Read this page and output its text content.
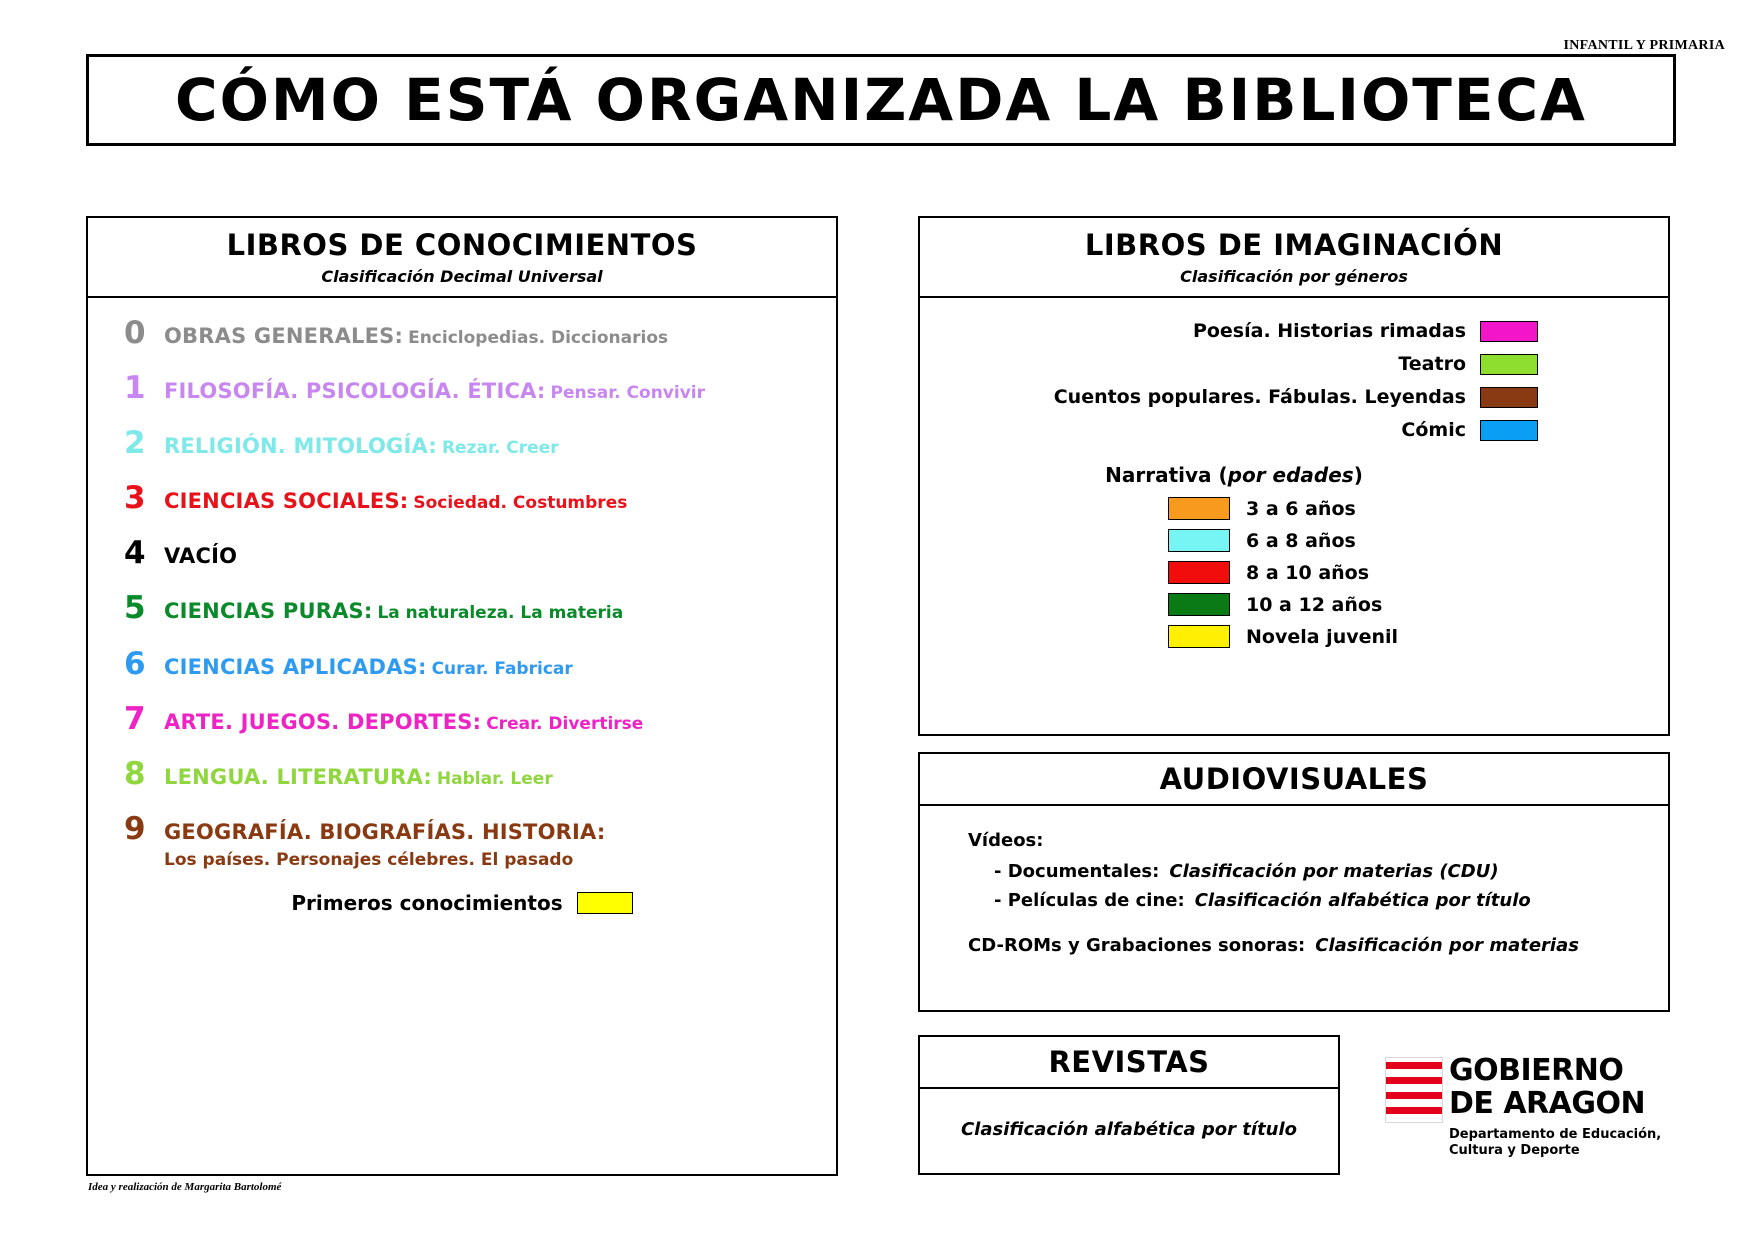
INFANTIL Y PRIMARIA
CÓMO ESTÁ ORGANIZADA LA BIBLIOTECA
LIBROS DE CONOCIMIENTOS
Clasificación Decimal Universal
0 OBRAS GENERALES: Enciclopedias. Diccionarios
1 FILOSOFÍA. PSICOLOGÍA. ÉTICA: Pensar. Convivir
2 RELIGIÓN. MITOLOGÍA: Rezar. Creer
3 CIENCIAS SOCIALES: Sociedad. Costumbres
4 VACÍO
5 CIENCIAS PURAS: La naturaleza. La materia
6 CIENCIAS APLICADAS: Curar. Fabricar
7 ARTE. JUEGOS. DEPORTES: Crear. Divertirse
8 LENGUA. LITERATURA: Hablar. Leer
9 GEOGRAFÍA. BIOGRAFÍAS. HISTORIA:
Los países. Personajes célebres. El pasado
Primeros conocimientos
Idea y realización de Margarita Bartolomé
LIBROS DE IMAGINACIÓN
Clasificación por géneros
Poesía. Historias rimadas
Teatro
Cuentos populares. Fábulas. Leyendas
Cómic
Narrativa (por edades)
3 a 6 años
6 a 8 años
8 a 10 años
10 a 12 años
Novela juvenil
AUDIOVISUALES
Vídeos:
- Documentales: Clasificación por materias (CDU)
- Películas de cine: Clasificación alfabética por título
CD-ROMs y Grabaciones sonoras: Clasificación por materias
REVISTAS
Clasificación alfabética por título
GOBIERNO
DE ARAGON
Departamento de Educación,
Cultura y Deporte
